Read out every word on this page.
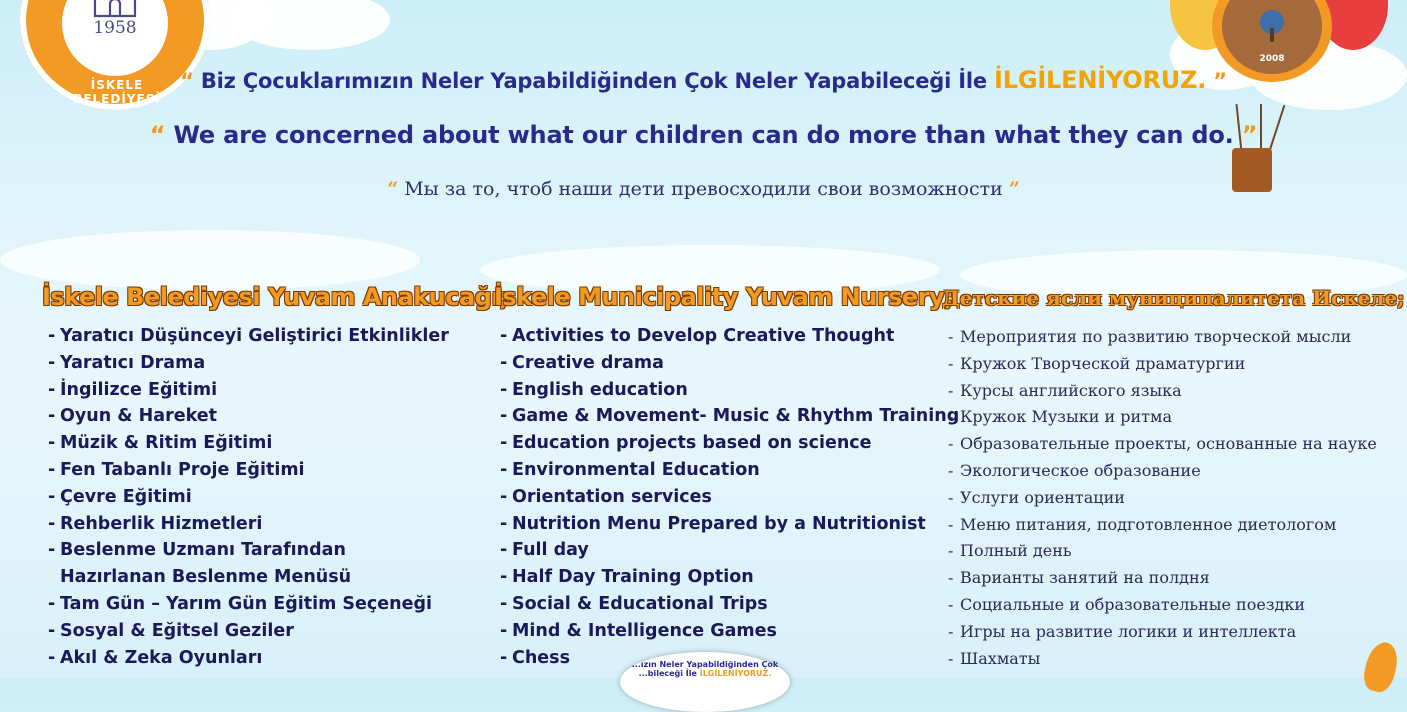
1958
İSKELE BELEDİYESİ
2008
“ Biz Çocuklarımızın Neler Yapabildiğinden Çok Neler Yapabileceği İle İLGİLENİYORUZ. ”
“ We are concerned about what our children can do more than what they can do. ”
“ Мы за то, чтоб наши дети превосходили свои возможности ”
İskele Belediyesi Yuvam Anakucağı;
- Yaratıcı Düşünceyi Geliştirici Etkinlikler
- Yaratıcı Drama
- İngilizce Eğitimi
- Oyun & Hareket
- Müzik & Ritim Eğitimi
- Fen Tabanlı Proje Eğitimi
- Çevre Eğitimi
- Rehberlik Hizmetleri
- Beslenme Uzmanı Tarafından Hazırlanan Beslenme Menüsü
- Tam Gün – Yarım Gün Eğitim Seçeneği
- Sosyal & Eğitsel Geziler
- Akıl & Zeka Oyunları
İskele Municipality Yuvam Nursery;
- Activities to Develop Creative Thought
- Creative drama
- English education
- Game & Movement- Music & Rhythm Training
- Education projects based on science
- Environmental Education
- Orientation services
- Nutrition Menu Prepared by a Nutritionist
- Full day
- Half Day Training Option
- Social & Educational Trips
- Mind & Intelligence Games
- Chess
Детские ясли муниципалитета Искеле;
- Мероприятия по развитию творческой мысли
- Кружок Творческой драматургии
- Курсы английского языка
- Кружок Музыки и ритма
- Образовательные проекты, основанные на науке
- Экологическое образование
- Услуги ориентации
- Меню питания, подготовленное диетологом
- Полный день
- Варианты занятий на полдня
- Социальные и образовательные поездки
- Игры на развитие логики и интеллекта
- Шахматы
...ızın Neler Yapabildiğinden Çok
...bileceği İle İLGİLENİYORUZ.
